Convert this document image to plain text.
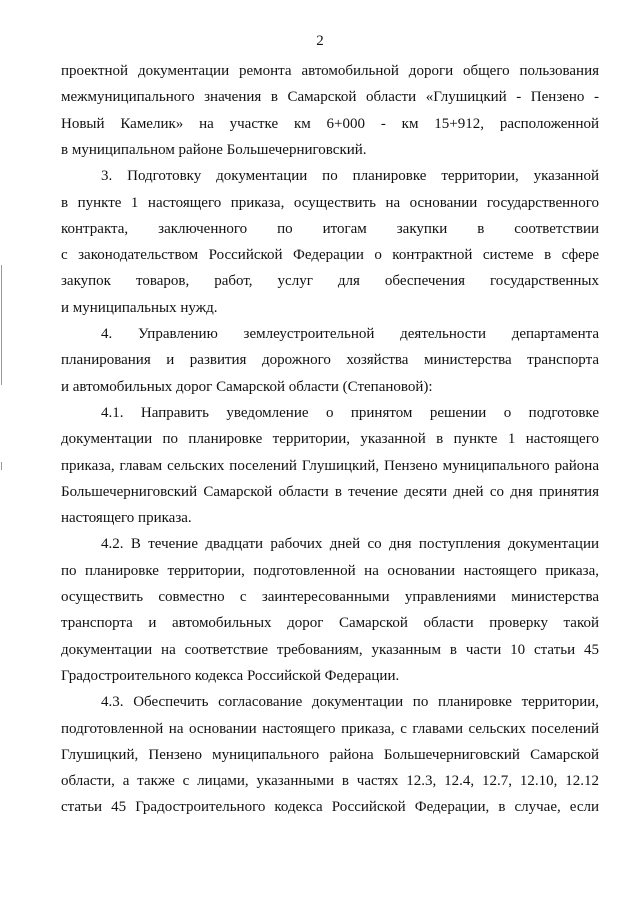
2
проектной документации ремонта автомобильной дороги общего пользования
межмуниципального значения в Самарской области «Глушицкий - Пензено -
Новый Камелик» на участке км 6+000 - км 15+912, расположенной
в муниципальном районе Большечерниговский.
3. Подготовку документации по планировке территории, указанной
в пункте 1 настоящего приказа, осуществить на основании государственного
контракта, заключенного по итогам закупки в соответствии
с законодательством Российской Федерации о контрактной системе в сфере
закупок товаров, работ, услуг для обеспечения государственных
и муниципальных нужд.
4. Управлению землеустроительной деятельности департамента
планирования и развития дорожного хозяйства министерства транспорта
и автомобильных дорог Самарской области (Степановой):
4.1. Направить уведомление о принятом решении о подготовке
документации по планировке территории, указанной в пункте 1 настоящего
приказа, главам сельских поселений Глушицкий, Пензено муниципального района
Большечерниговский Самарской области в течение десяти дней со дня принятия
настоящего приказа.
4.2. В течение двадцати рабочих дней со дня поступления документации
по планировке территории, подготовленной на основании настоящего приказа,
осуществить совместно с заинтересованными управлениями министерства
транспорта и автомобильных дорог Самарской области проверку такой
документации на соответствие требованиям, указанным в части 10 статьи 45
Градостроительного кодекса Российской Федерации.
4.3. Обеспечить согласование документации по планировке территории,
подготовленной на основании настоящего приказа, с главами сельских поселений
Глушицкий, Пензено муниципального района Большечерниговский Самарской
области, а также с лицами, указанными в частях 12.3, 12.4, 12.7, 12.10, 12.12
статьи 45 Градостроительного кодекса Российской Федерации, в случае, если
